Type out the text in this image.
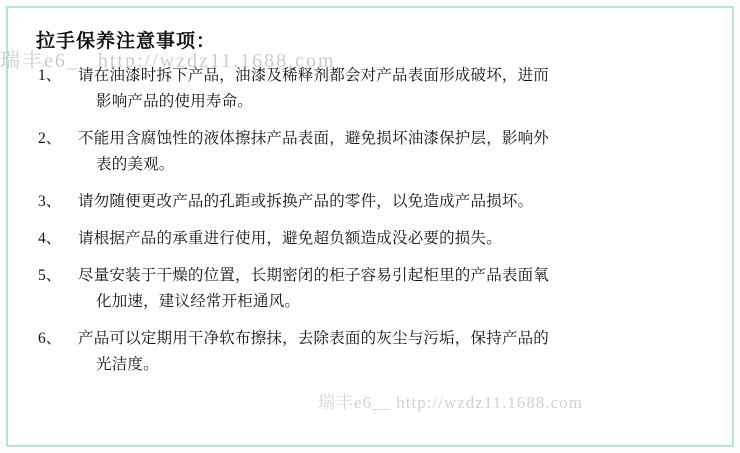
拉手保养注意事项：
1、	请在油漆时拆下产品，油漆及稀释剂都会对产品表面形成破坏，进而
影响产品的使用寿命。
2、	不能用含腐蚀性的液体擦抹产品表面，避免损坏油漆保护层，影响外
表的美观。
3、	请勿随便更改产品的孔距或拆换产品的零件，以免造成产品损坏。
4、	请根据产品的承重进行使用，避免超负额造成没必要的损失。
5、	尽量安装于干燥的位置，长期密闭的柜子容易引起柜里的产品表面氧
化加速，建议经常开柜通风。
6、	产品可以定期用干净软布擦抹，去除表面的灰尘与污垢，保持产品的
光洁度。
瑞丰e6__ http://wzdz11.1688.com
瑞丰e6__ http://wzdz11.1688.com
